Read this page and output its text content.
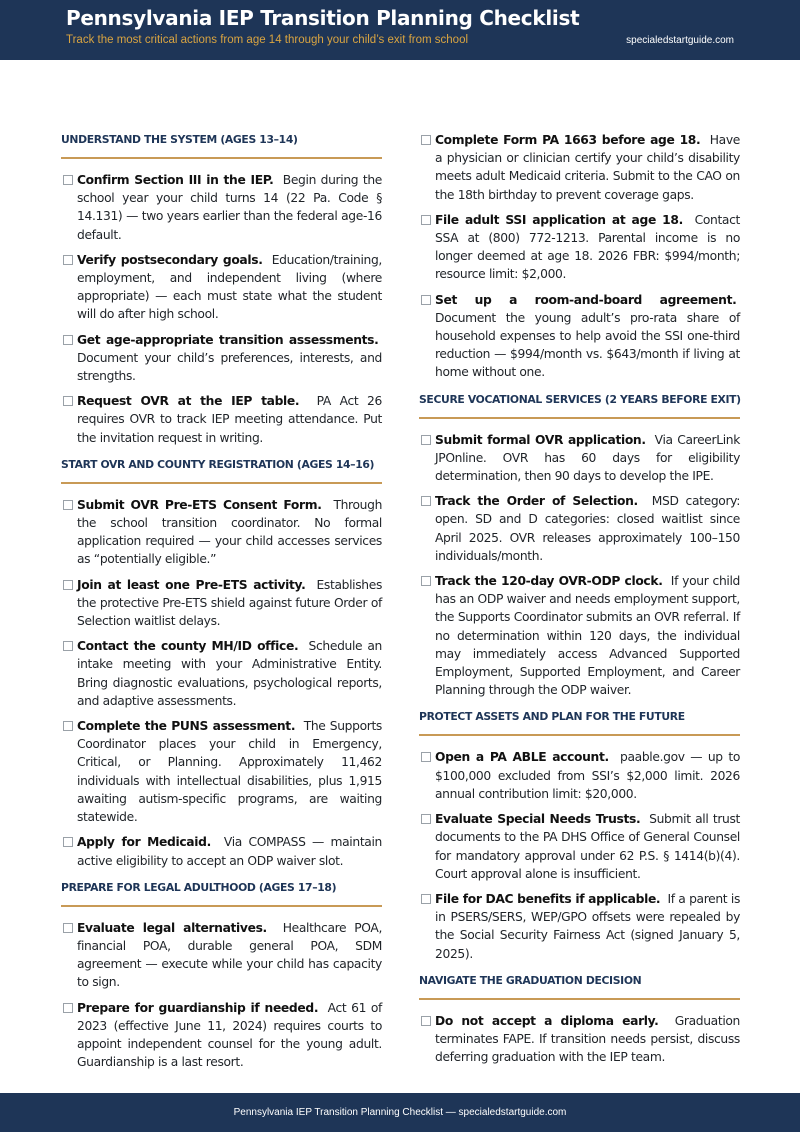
Pennsylvania IEP Transition Planning Checklist
Track the most critical actions from age 14 through your child’s exit from school	specialedstartguide.com
UNDERSTAND THE SYSTEM (AGES 13–14)
Confirm Section III in the IEP. Begin during the school year your child turns 14 (22 Pa. Code § 14.131) — two years earlier than the federal age-16 default.
Verify postsecondary goals. Education/training, employment, and independent living (where appropriate) — each must state what the student will do after high school.
Get age-appropriate transition assessments.  Document your child’s preferences, interests, and strengths.
Request OVR at the IEP table. PA Act 26 requires OVR to track IEP meeting attendance. Put the invitation request in writing.
START OVR AND COUNTY REGISTRATION (AGES 14–16)
Submit OVR Pre-ETS Consent Form. Through the school transition coordinator. No formal application required — your child accesses services as “potentially eligible.”
Join at least one Pre-ETS activity. Establishes the protective Pre-ETS shield against future Order of Selection waitlist delays.
Contact the county MH/ID office. Schedule an intake meeting with your Administrative Entity. Bring diagnostic evaluations, psychological reports, and adaptive assessments.
Complete the PUNS assessment. The Supports Coordinator places your child in Emergency, Critical, or Planning. Approximately 11,462 individuals with intellectual disabilities, plus 1,915 awaiting autism-specific programs, are waiting statewide.
Apply for Medicaid. Via COMPASS — maintain active eligibility to accept an ODP waiver slot.
PREPARE FOR LEGAL ADULTHOOD (AGES 17–18)
Evaluate legal alternatives. Healthcare POA, financial POA, durable general POA, SDM agreement — execute while your child has capacity to sign.
Prepare for guardianship if needed. Act 61 of 2023 (effective June 11, 2024) requires courts to appoint independent counsel for the young adult. Guardianship is a last resort.
Complete Form PA 1663 before age 18. Have a physician or clinician certify your child’s disability meets adult Medicaid criteria. Submit to the CAO on the 18th birthday to prevent coverage gaps.
File adult SSI application at age 18. Contact SSA at (800) 772-1213. Parental income is no longer deemed at age 18. 2026 FBR: $994/month; resource limit: $2,000.
Set up a room-and-board agreement.  Document the young adult’s pro-rata share of household expenses to help avoid the SSI one-third reduction — $994/month vs. $643/month if living at home without one.
SECURE VOCATIONAL SERVICES (2 YEARS BEFORE EXIT)
Submit formal OVR application. Via CareerLink JPOnline. OVR has 60 days for eligibility determination, then 90 days to develop the IPE.
Track the Order of Selection. MSD category: open. SD and D categories: closed waitlist since April 2025. OVR releases approximately 100–150 individuals/month.
Track the 120-day OVR-ODP clock. If your child has an ODP waiver and needs employment support, the Supports Coordinator submits an OVR referral. If no determination within 120 days, the individual may immediately access Advanced Supported Employment, Supported Employment, and Career Planning through the ODP waiver.
PROTECT ASSETS AND PLAN FOR THE FUTURE
Open a PA ABLE account. paable.gov — up to $100,000 excluded from SSI’s $2,000 limit. 2026 annual contribution limit: $20,000.
Evaluate Special Needs Trusts. Submit all trust documents to the PA DHS Office of General Counsel for mandatory approval under 62 P.S. § 1414(b)(4). Court approval alone is insufficient.
File for DAC benefits if applicable. If a parent is in PSERS/SERS, WEP/GPO offsets were repealed by the Social Security Fairness Act (signed January 5, 2025).
NAVIGATE THE GRADUATION DECISION
Do not accept a diploma early. Graduation terminates FAPE. If transition needs persist, discuss deferring graduation with the IEP team.
Pennsylvania IEP Transition Planning Checklist — specialedstartguide.com
